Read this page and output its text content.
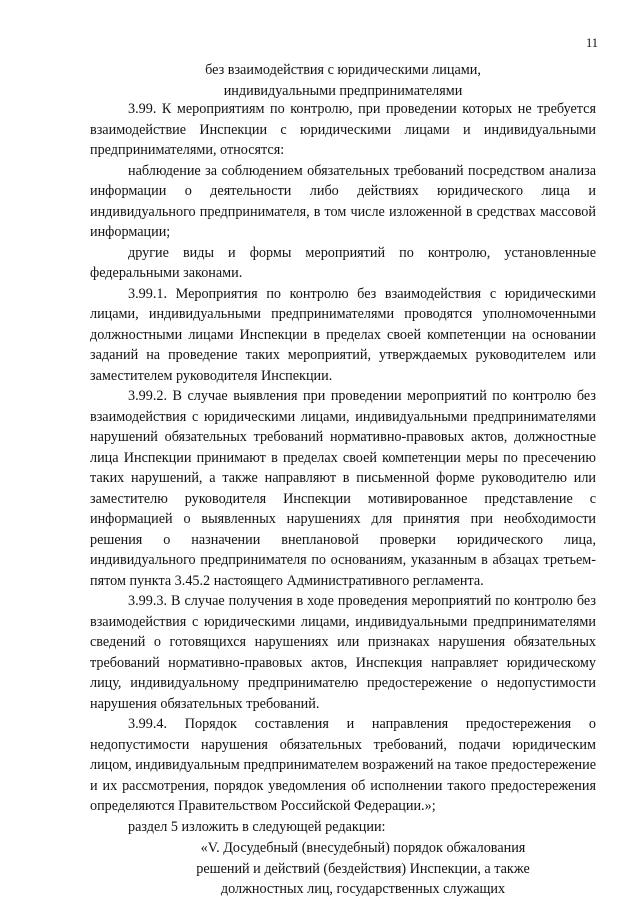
11
без взаимодействия с юридическими лицами,
индивидуальными предпринимателями

3.99. К мероприятиям по контролю, при проведении которых не требуется взаимодействие Инспекции с юридическими лицами и индивидуальными предпринимателями, относятся:

наблюдение за соблюдением обязательных требований посредством анализа информации о деятельности либо действиях юридического лица и индивидуального предпринимателя, в том числе изложенной в средствах массовой информации;

другие виды и формы мероприятий по контролю, установленные федеральными законами.

3.99.1. Мероприятия по контролю без взаимодействия с юридическими лицами, индивидуальными предпринимателями проводятся уполномоченными должностными лицами Инспекции в пределах своей компетенции на основании заданий на проведение таких мероприятий, утверждаемых руководителем или заместителем руководителя Инспекции.

3.99.2. В случае выявления при проведении мероприятий по контролю без взаимодействия с юридическими лицами, индивидуальными предпринимателями нарушений обязательных требований нормативно-правовых актов, должностные лица Инспекции принимают в пределах своей компетенции меры по пресечению таких нарушений, а также направляют в письменной форме руководителю или заместителю руководителя Инспекции мотивированное представление с информацией о выявленных нарушениях для принятия при необходимости решения о назначении внеплановой проверки юридического лица, индивидуального предпринимателя по основаниям, указанным в абзацах третьем-пятом пункта 3.45.2 настоящего Административного регламента.

3.99.3. В случае получения в ходе проведения мероприятий по контролю без взаимодействия с юридическими лицами, индивидуальными предпринимателями сведений о готовящихся нарушениях или признаках нарушения обязательных требований нормативно-правовых актов, Инспекция направляет юридическому лицу, индивидуальному предпринимателю предостережение о недопустимости нарушения обязательных требований.

3.99.4. Порядок составления и направления предостережения о недопустимости нарушения обязательных требований, подачи юридическим лицом, индивидуальным предпринимателем возражений на такое предостережение и их рассмотрения, порядок уведомления об исполнении такого предостережения определяются Правительством Российской Федерации.»;

раздел 5 изложить в следующей редакции:

«V. Досудебный (внесудебный) порядок обжалования
решений и действий (бездействия) Инспекции, а также
должностных лиц, государственных служащих
